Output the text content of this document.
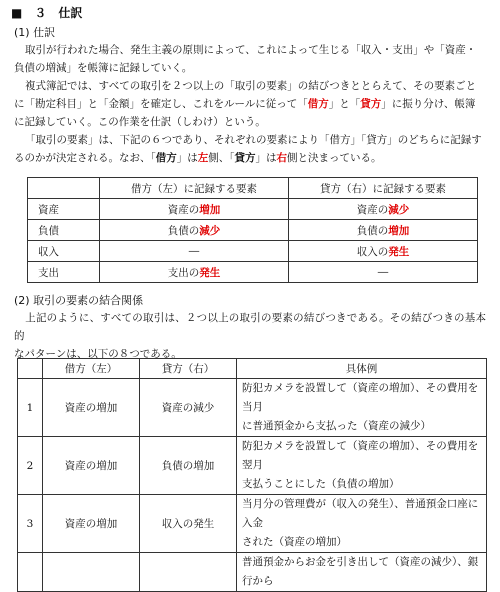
■　３　仕訳
(1) 仕訳

取引が行われた場合、発生主義の原則によって、これによって生じる「収入・支出」や「資産・
負債の増減」を帳簿に記録していく。

複式簿記では、すべての取引を２つ以上の「取引の要素」の結びつきととらえて、その要素ごと
に「勘定科目」と「金額」を確定し、これをルールに従って「借方」と「貸方」に振り分け、帳簿
に記録していく。この作業を仕訳（しわけ）という。

「取引の要素」は、下記の６つであり、それぞれの要素により「借方」「貸方」のどちらに記録す
るのかが決定される。なお、「借方」は左側、「貸方」は右側と決まっている。

	借方（左）に記録する要素	貸方（右）に記録する要素
資産	資産の増加	資産の減少
負債	負債の減少	負債の増加
収入	―	収入の発生
支出	支出の発生	―
(2) 取引の要素の結合関係

上記のように、すべての取引は、２つ以上の取引の要素の結びつきである。その結びつきの基本的
なパターンは、以下の８つである。

	借方（左）	貸方（右）	具体例
1	資産の増加	資産の減少	防犯カメラを設置して（資産の増加）、その費用を当月
に普通預金から支払った（資産の減少）
2	資産の増加	負債の増加	防犯カメラを設置して（資産の増加）、その費用を翌月
支払うことにした（負債の増加）
3	資産の増加	収入の発生	当月分の管理費が（収入の発生）、普通預金口座に入金
された（資産の増加）
			普通預金からお金を引き出して（資産の減少）、銀行から
